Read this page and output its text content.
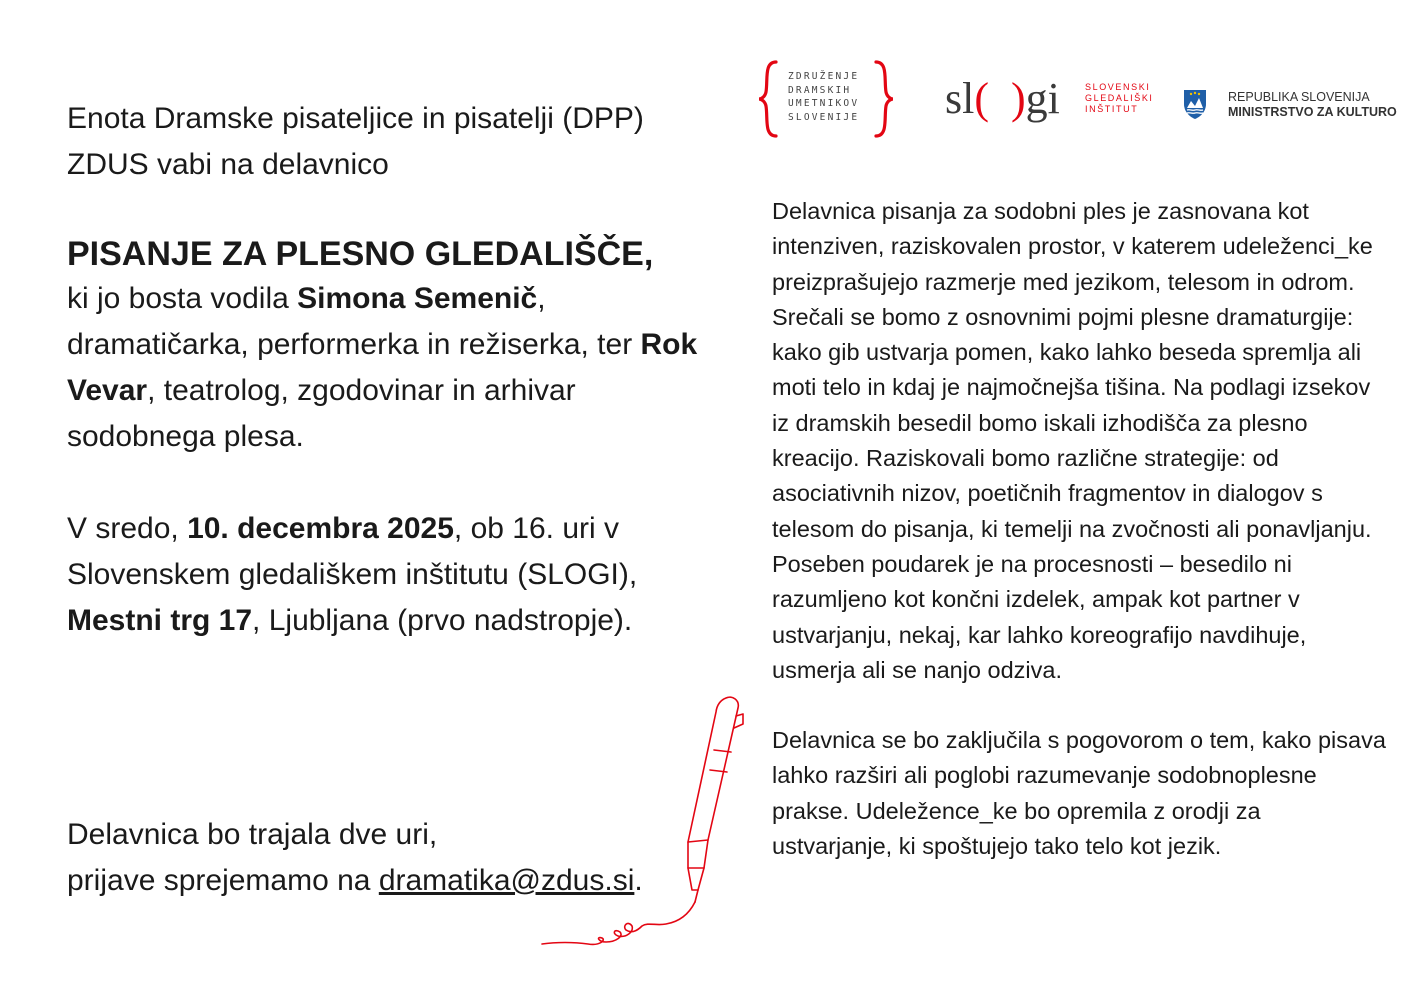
ZDRUŽENJE
DRAMSKIH
UMETNIKOV
SLOVENIJE sl( )gi	SLOVENSKI
GLEDALIŠKI
INŠTITUT
REPUBLIKA SLOVENIJA
MINISTRSTVO ZA KULTURO

Enota Dramske pisateljice in pisatelji (DPP) ZDUS vabi na delavnico

PISANJE ZA PLESNO GLEDALIŠČE,

ki jo bosta vodila Simona Semenič, dramatičarka, performerka in režiserka, ter Rok Vevar, teatrolog, zgodovinar in arhivar sodobnega plesa.

V sredo, 10. decembra 2025, ob 16. uri v Slovenskem gledališkem inštitutu (SLOGI), Mestni trg 17, Ljubljana (prvo nadstropje).

Delavnica bo trajala dve uri,

prijave sprejemamo na dramatika@zdus.si.

Delavnica pisanja za sodobni ples je zasnovana kot intenziven, raziskovalen prostor, v katerem udeleženci_ke preizprašujejo razmerje med jezikom, telesom in odrom. Srečali se bomo z osnovnimi pojmi plesne dramaturgije: kako gib ustvarja pomen, kako lahko beseda spremlja ali moti telo in kdaj je najmočnejša tišina. Na podlagi izsekov iz dramskih besedil bomo iskali izhodišča za plesno kreacijo. Raziskovali bomo različne strategije: od asociativnih nizov, poetičnih fragmentov in dialogov s telesom do pisanja, ki temelji na zvočnosti ali ponavljanju. Poseben poudarek je na procesnosti – besedilo ni razumljeno kot končni izdelek, ampak kot partner v ustvarjanju, nekaj, kar lahko koreografijo navdihuje, usmerja ali se nanjo odziva.

Delavnica se bo zaključila s pogovorom o tem, kako pisava lahko razširi ali poglobi razumevanje sodobnoplesne prakse. Udeležence_ke bo opremila z orodji za ustvarjanje, ki spoštujejo tako telo kot jezik.
